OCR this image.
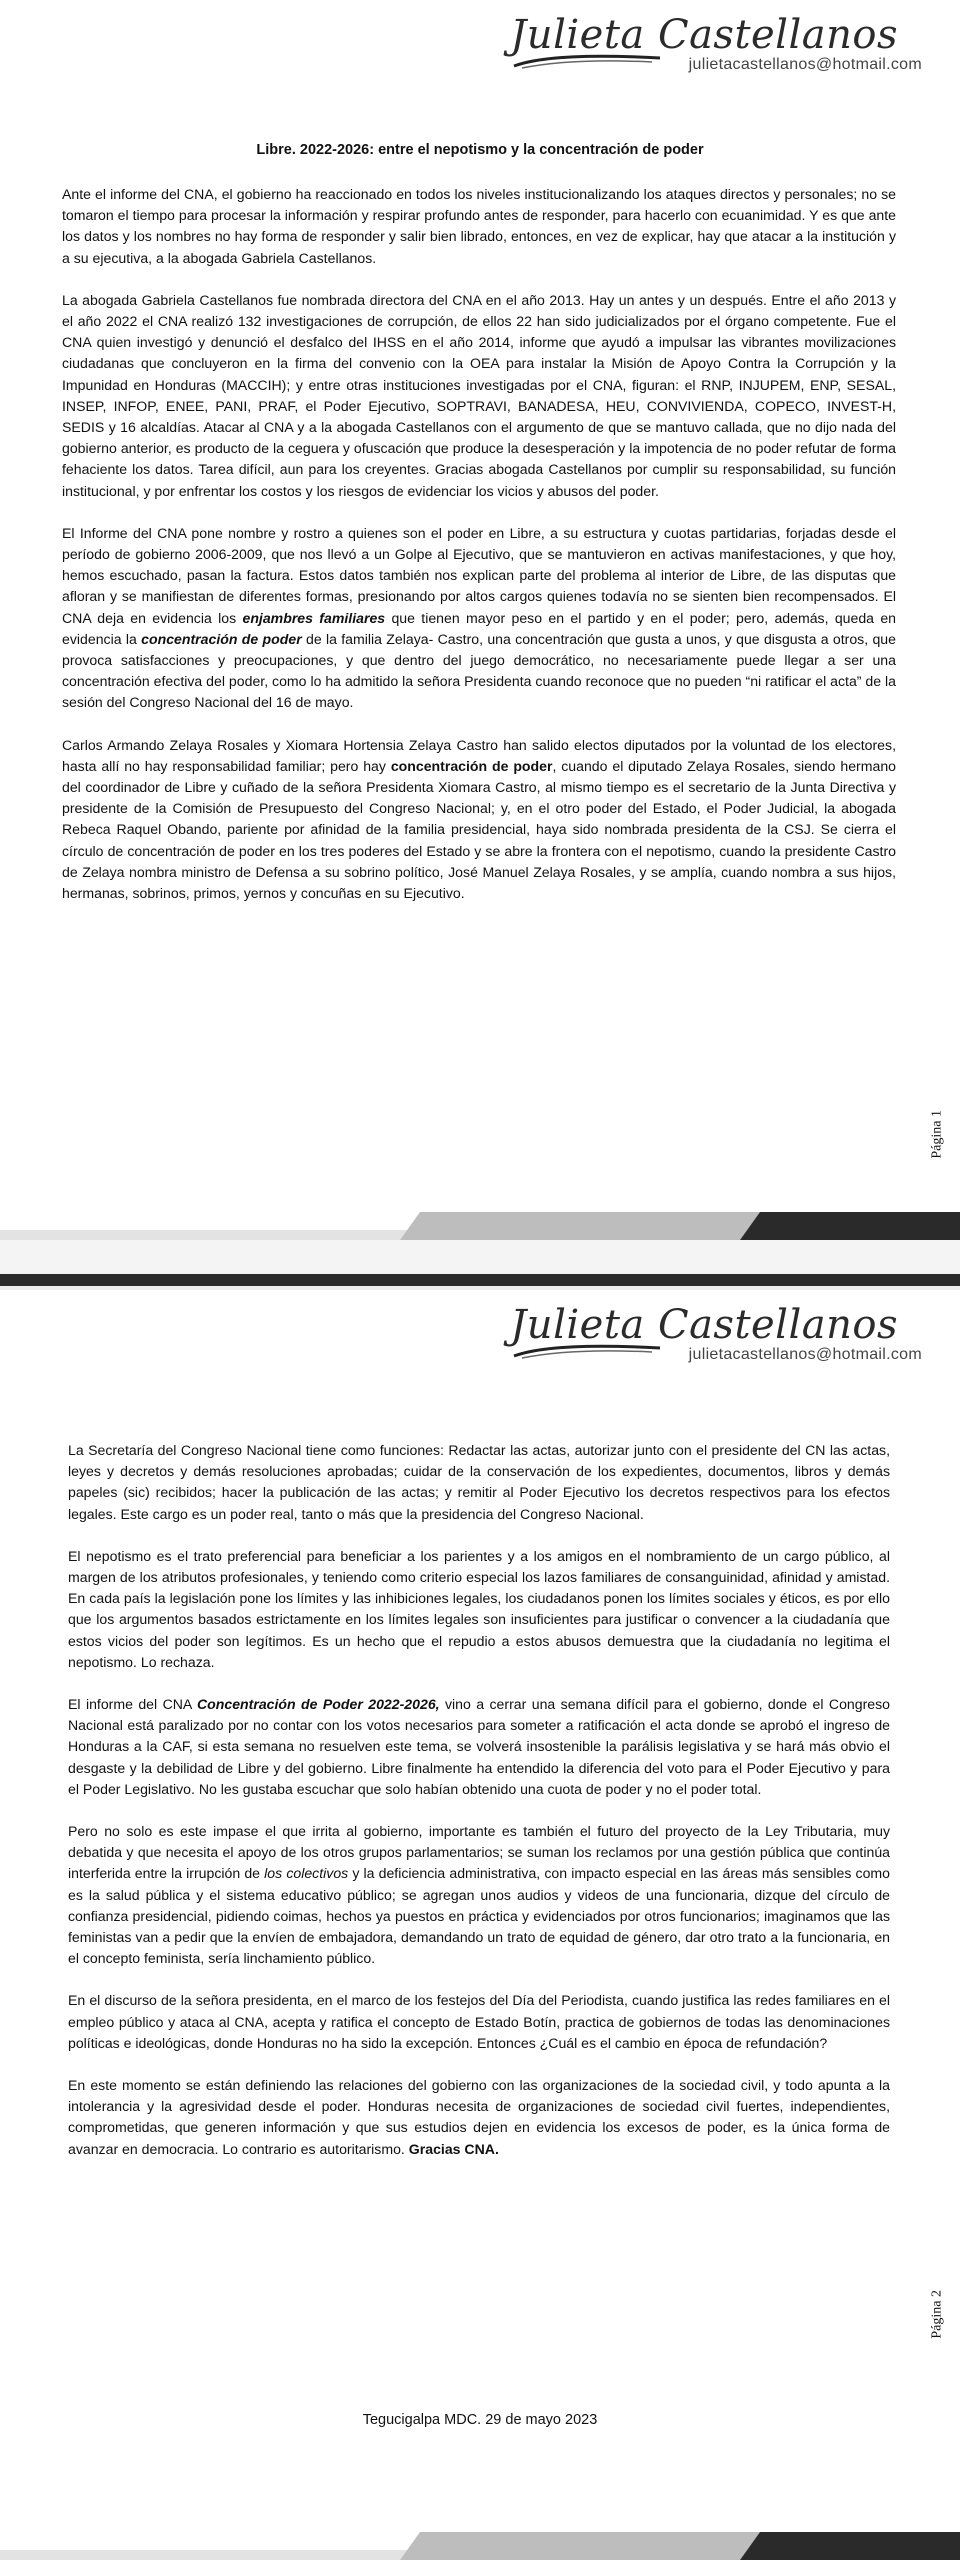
Julieta Castellanos
julietacastellanos@hotmail.com
Libre. 2022-2026: entre el nepotismo y la concentración de poder

Ante el informe del CNA, el gobierno ha reaccionado en todos los niveles institucionalizando los ataques directos y personales; no se tomaron el tiempo para procesar la información y respirar profundo antes de responder, para hacerlo con ecuanimidad. Y es que ante los datos y los nombres no hay forma de responder y salir bien librado, entonces, en vez de explicar, hay que atacar a la institución y a su ejecutiva, a la abogada Gabriela Castellanos.

La abogada Gabriela Castellanos fue nombrada directora del CNA en el año 2013. Hay un antes y un después. Entre el año 2013 y el año 2022 el CNA realizó 132 investigaciones de corrupción, de ellos 22 han sido judicializados por el órgano competente. Fue el CNA quien investigó y denunció el desfalco del IHSS en el año 2014, informe que ayudó a impulsar las vibrantes movilizaciones ciudadanas que concluyeron en la firma del convenio con la OEA para instalar la Misión de Apoyo Contra la Corrupción y la Impunidad en Honduras (MACCIH); y entre otras instituciones investigadas por el CNA, figuran: el RNP, INJUPEM, ENP, SESAL, INSEP, INFOP, ENEE, PANI, PRAF, el Poder Ejecutivo, SOPTRAVI, BANADESA, HEU, CONVIVIENDA, COPECO, INVEST-H, SEDIS y 16 alcaldías. Atacar al CNA y a la abogada Castellanos con el argumento de que se mantuvo callada, que no dijo nada del gobierno anterior, es producto de la ceguera y ofuscación que produce la desesperación y la impotencia de no poder refutar de forma fehaciente los datos. Tarea difícil, aun para los creyentes. Gracias abogada Castellanos por cumplir su responsabilidad, su función institucional, y por enfrentar los costos y los riesgos de evidenciar los vicios y abusos del poder.

El Informe del CNA pone nombre y rostro a quienes son el poder en Libre, a su estructura y cuotas partidarias, forjadas desde el período de gobierno 2006-2009, que nos llevó a un Golpe al Ejecutivo, que se mantuvieron en activas manifestaciones, y que hoy, hemos escuchado, pasan la factura. Estos datos también nos explican parte del problema al interior de Libre, de las disputas que afloran y se manifiestan de diferentes formas, presionando por altos cargos quienes todavía no se sienten bien recompensados. El CNA deja en evidencia los enjambres familiares que tienen mayor peso en el partido y en el poder; pero, además, queda en evidencia la concentración de poder de la familia Zelaya- Castro, una concentración que gusta a unos, y que disgusta a otros, que provoca satisfacciones y preocupaciones, y que dentro del juego democrático, no necesariamente puede llegar a ser una concentración efectiva del poder, como lo ha admitido la señora Presidenta cuando reconoce que no pueden “ni ratificar el acta” de la sesión del Congreso Nacional del 16 de mayo.

Carlos Armando Zelaya Rosales y Xiomara Hortensia Zelaya Castro han salido electos diputados por la voluntad de los electores, hasta allí no hay responsabilidad familiar; pero hay concentración de poder, cuando el diputado Zelaya Rosales, siendo hermano del coordinador de Libre y cuñado de la señora Presidenta Xiomara Castro, al mismo tiempo es el secretario de la Junta Directiva y presidente de la Comisión de Presupuesto del Congreso Nacional; y, en el otro poder del Estado, el Poder Judicial, la abogada Rebeca Raquel Obando, pariente por afinidad de la familia presidencial, haya sido nombrada presidenta de la CSJ. Se cierra el círculo de concentración de poder en los tres poderes del Estado y se abre la frontera con el nepotismo, cuando la presidente Castro de Zelaya nombra ministro de Defensa a su sobrino político, José Manuel Zelaya Rosales, y se amplía, cuando nombra a sus hijos, hermanas, sobrinos, primos, yernos y concuñas en su Ejecutivo.

Página 1
Julieta Castellanos
julietacastellanos@hotmail.com

La Secretaría del Congreso Nacional tiene como funciones: Redactar las actas, autorizar junto con el presidente del CN las actas, leyes y decretos y demás resoluciones aprobadas; cuidar de la conservación de los expedientes, documentos, libros y demás papeles (sic) recibidos; hacer la publicación de las actas; y remitir al Poder Ejecutivo los decretos respectivos para los efectos legales. Este cargo es un poder real, tanto o más que la presidencia del Congreso Nacional.

El nepotismo es el trato preferencial para beneficiar a los parientes y a los amigos en el nombramiento de un cargo público, al margen de los atributos profesionales, y teniendo como criterio especial los lazos familiares de consanguinidad, afinidad y amistad. En cada país la legislación pone los límites y las inhibiciones legales, los ciudadanos ponen los límites sociales y éticos, es por ello que los argumentos basados estrictamente en los límites legales son insuficientes para justificar o convencer a la ciudadanía que estos vicios del poder son legítimos. Es un hecho que el repudio a estos abusos demuestra que la ciudadanía no legitima el nepotismo. Lo rechaza.

El informe del CNA Concentración de Poder 2022-2026, vino a cerrar una semana difícil para el gobierno, donde el Congreso Nacional está paralizado por no contar con los votos necesarios para someter a ratificación el acta donde se aprobó el ingreso de Honduras a la CAF, si esta semana no resuelven este tema, se volverá insostenible la parálisis legislativa y se hará más obvio el desgaste y la debilidad de Libre y del gobierno. Libre finalmente ha entendido la diferencia del voto para el Poder Ejecutivo y para el Poder Legislativo. No les gustaba escuchar que solo habían obtenido una cuota de poder y no el poder total.

Pero no solo es este impase el que irrita al gobierno, importante es también el futuro del proyecto de la Ley Tributaria, muy debatida y que necesita el apoyo de los otros grupos parlamentarios; se suman los reclamos por una gestión pública que continúa interferida entre la irrupción de los colectivos y la deficiencia administrativa, con impacto especial en las áreas más sensibles como es la salud pública y el sistema educativo público; se agregan unos audios y videos de una funcionaria, dizque del círculo de confianza presidencial, pidiendo coimas, hechos ya puestos en práctica y evidenciados por otros funcionarios; imaginamos que las feministas van a pedir que la envíen de embajadora, demandando un trato de equidad de género, dar otro trato a la funcionaria, en el concepto feminista, sería linchamiento público.

En el discurso de la señora presidenta, en el marco de los festejos del Día del Periodista, cuando justifica las redes familiares en el empleo público y ataca al CNA, acepta y ratifica el concepto de Estado Botín, practica de gobiernos de todas las denominaciones políticas e ideológicas, donde Honduras no ha sido la excepción. Entonces ¿Cuál es el cambio en época de refundación?

En este momento se están definiendo las relaciones del gobierno con las organizaciones de la sociedad civil, y todo apunta a la intolerancia y la agresividad desde el poder. Honduras necesita de organizaciones de sociedad civil fuertes, independientes, comprometidas, que generen información y que sus estudios dejen en evidencia los excesos de poder, es la única forma de avanzar en democracia. Lo contrario es autoritarismo. Gracias CNA.

Tegucigalpa MDC. 29 de mayo 2023
Página 2
